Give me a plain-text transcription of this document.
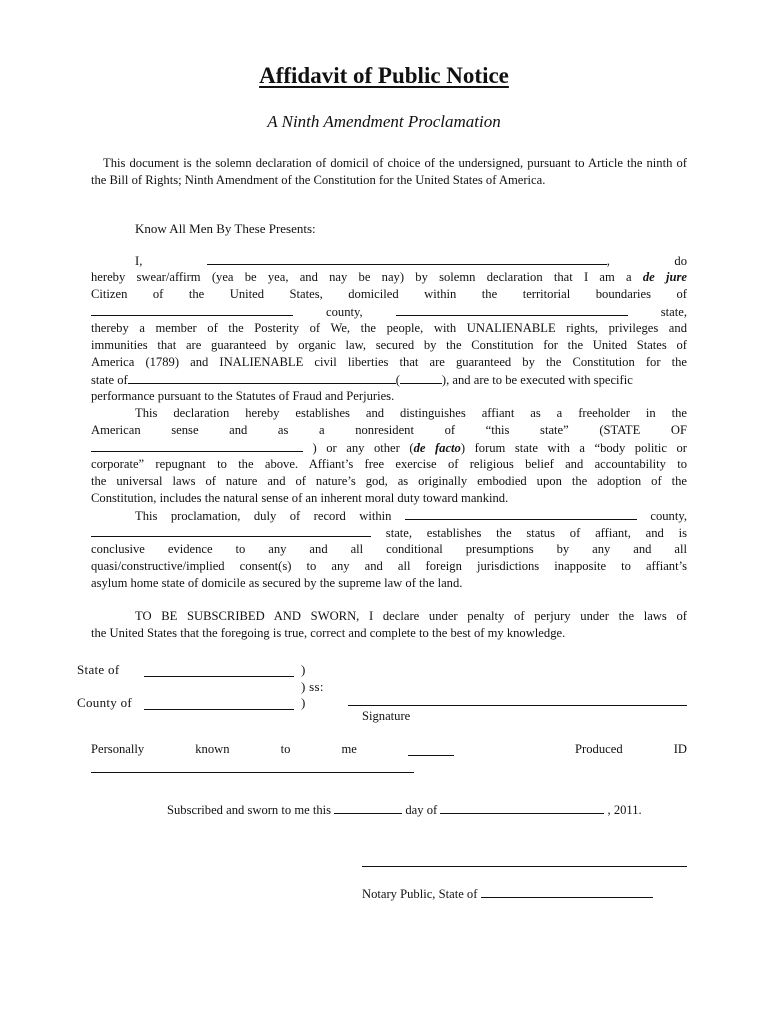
Affidavit of Public Notice
A Ninth Amendment Proclamation
This document is the solemn declaration of domicil of choice of the undersigned, pursuant to Article the ninth of the Bill of Rights; Ninth Amendment of the Constitution for the United States of America.
Know All Men By These Presents:
I,	, do
hereby swear/affirm (yea be yea, and nay be nay) by solemn declaration that I am a de jure
Citizen of the United States, domiciled within the territorial boundaries of
county,	state,
thereby a member of the Posterity of We, the people, with UNALIENABLE rights, privileges and
immunities that are guaranteed by organic law, secured by the Constitution for the United States of
America (1789) and INALIENABLE civil liberties that are guaranteed by the Constitution for the
state of	(	), and are to be executed with specific
performance pursuant to the Statutes of Fraud and Perjuries.
This declaration hereby establishes and distinguishes affiant as a freeholder in the
American sense and as a nonresident of “this state” (STATE OF
) or any other (de facto) forum state with a “body politic or
corporate” repugnant to the above. Affiant’s free exercise of religious belief and accountability to
the universal laws of nature and of nature’s god, as originally embodied upon the adoption of the
Constitution, includes the natural sense of an inherent moral duty toward mankind.
This proclamation, duly of record within	county,
state, establishes the status of affiant, and is
conclusive evidence to any and all conditional presumptions by any and all
quasi/constructive/implied consent(s) to any and all foreign jurisdictions inapposite to affiant’s
asylum home state of domicile as secured by the supreme law of the land.
TO BE SUBSCRIBED AND SWORN, I declare under penalty of perjury under the laws of
the United States that the foregoing is true, correct and complete to the best of my knowledge.
State of	)
) ss:
County of	)
Signature
Personally	known	to	me	Produced	ID
Subscribed and sworn to me this	day of	, 2011.
Notary Public, State of
